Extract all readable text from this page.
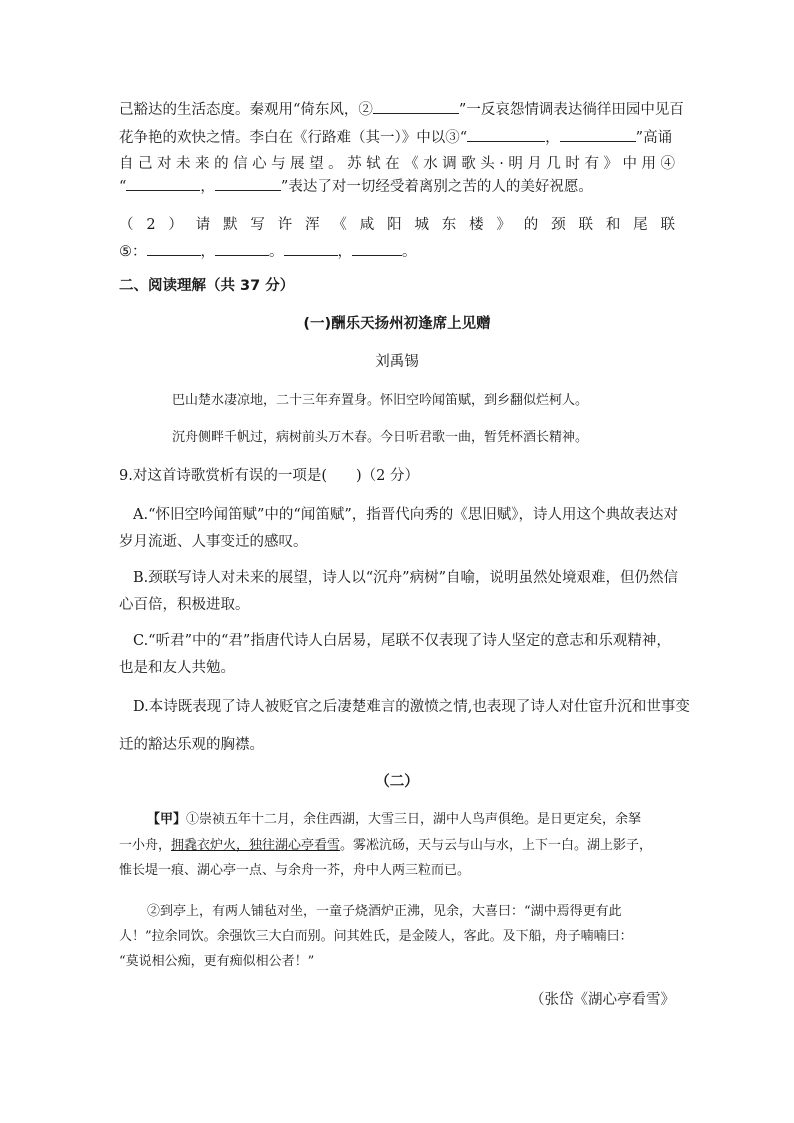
己豁达的生活态度。秦观用“倚东风，②	”一反哀怨情调表达徜徉田园中见百
花争艳的欢快之情。李白在《行路难（其一）》中以③“	，	”高诵
自己对未来的信心与展望。苏轼在《水调歌头·明月几时有》中用④
“	，	”表达了对一切经受着离别之苦的人的美好祝愿。
（2）请默写许浑《咸阳城东楼》的颈联和尾联
⑤：	，	。	，	。
二、阅读理解（共 37 分）
(一)酬乐天扬州初逢席上见赠
刘禹锡
巴山楚水凄凉地，二十三年弃置身。怀旧空吟闻笛赋，到乡翻似烂柯人。
沉舟侧畔千帆过，病树前头万木春。今日听君歌一曲，暂凭杯酒长精神。
9.对这首诗歌赏析有误的一项是(　　)（2 分）
A.“怀旧空吟闻笛赋”中的“闻笛赋”，指晋代向秀的《思旧赋》，诗人用这个典故表达对
岁月流逝、人事变迁的感叹。
B.颈联写诗人对未来的展望，诗人以“沉舟”病树”自喻，说明虽然处境艰难，但仍然信
心百倍，积极进取。
C.“听君”中的“君”指唐代诗人白居易，尾联不仅表现了诗人坚定的意志和乐观精神，
也是和友人共勉。
D.本诗既表现了诗人被贬官之后凄楚难言的激愤之情,也表现了诗人对仕宦升沉和世事变
迁的豁达乐观的胸襟。
（二）
【甲】①崇祯五年十二月，余住西湖，大雪三日，湖中人鸟声俱绝。是日更定矣，余拏
一小舟，拥毳衣炉火，独往湖心亭看雪。雾凇沆砀，天与云与山与水，上下一白。湖上影子，
惟长堤一痕、湖心亭一点、与余舟一芥，舟中人两三粒而已。
②到亭上，有两人铺毡对坐，一童子烧酒炉正沸，见余，大喜曰：“湖中焉得更有此
人！”拉余同饮。余强饮三大白而别。问其姓氏，是金陵人，客此。及下船，舟子喃喃曰：
“莫说相公痴，更有痴似相公者！”
（张岱《湖心亭看雪》
